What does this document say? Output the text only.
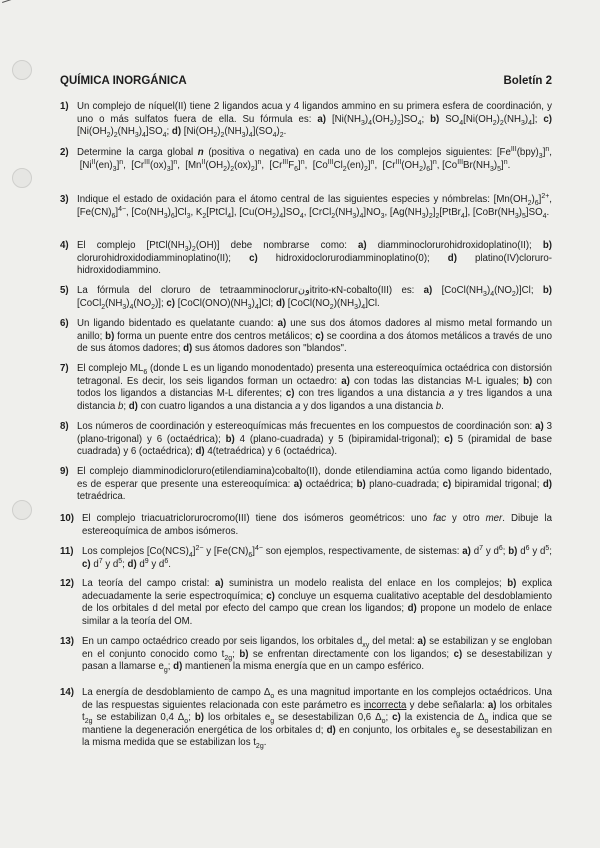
QUÍMICA INORGÁNICA	Boletín 2
1) Un complejo de níquel(II) tiene 2 ligandos acua y 4 ligandos ammino en su primera esfera de coordinación, y uno o más sulfatos fuera de ella. Su fórmula es: a) $[Ni(NH_3)_4(OH_2)_2]SO_4$; b) $SO_4[Ni(OH_2)_2(NH_3)_4]$; c) $[Ni(OH_2)_2(NH_3)_4]SO_4$; d) $[Ni(OH_2)_2(NH_3)_4](SO_4)_2$.
2) Determine la carga global n (positiva o negativa) en cada uno de los complejos siguientes: $[Fe^{III}(bpy)_3]^n$,  $[Ni^{II}(en)_3]^n$,  $[Cr^{III}(ox)_3]^n$,  $[Mn^{II}(OH_2)_2(ox)_2]^n$,  $[Cr^{III}F_6]^n$,  $[Co^{III}Cl_2(en)_2]^n$,  $[Cr^{III}(OH_2)_6]^n$, $[Co^{III}Br(NH_3)_5]^n$.
3) Indique el estado de oxidación para el átomo central de las siguientes especies y nómbrelas: $[Mn(OH_2)_6]^{2+}$, $[Fe(CN)_6]^{4-}$, $[Co(NH_3)_6]Cl_3$, $K_2[PtCl_4]$, $[Cu(OH_2)_4]SO_4$, $[CrCl_2(NH_3)_4]NO_3$, $[Ag(NH_3)_2]_2[PtBr_4]$, $[CoBr(NH_3)_5]SO_4$.
4) El complejo $[PtCl(NH_3)_2(OH)]$ debe nombrarse como: a) diamminoclorurohidroxidoplatino(II); b) clorurohidroxidodiamminoplatino(II); c) hidroxidoclorurodiamminoplatino(0); d) platino(IV)cloruro-hidroxidodiammino.
5) La fórmula del cloruro de tetraamminoclorurونitrito-κN-cobalto(III) es: a) $[CoCl(NH_3)_4(NO_2)]Cl$; b) $[CoCl_2(NH_3)_4(NO_2)]$; c) $[CoCl(ONO)(NH_3)_4]Cl$; d) $[CoCl(NO_2)(NH_3)_4]Cl$.
6) Un ligando bidentado es quelatante cuando: a) une sus dos átomos dadores al mismo metal formando un anillo; b) forma un puente entre dos centros metálicos; c) se coordina a dos átomos metálicos a través de uno de sus átomos dadores; d) sus átomos dadores son "blandos".
7) El complejo $ML_6$ (donde L es un ligando monodentado) presenta una estereoquímica octaédrica con distorsión tetragonal. Es decir, los seis ligandos forman un octaedro: a) con todas las distancias M-L iguales; b) con todos los ligandos a distancias M-L diferentes; c) con tres ligandos a una distancia a y tres ligandos a una distancia b; d) con cuatro ligandos a una distancia a y dos ligandos a una distancia b.
8) Los números de coordinación y estereoquímicas más frecuentes en los compuestos de coordinación son: a) 3 (plano-trigonal) y 6 (octaédrica); b) 4 (plano-cuadrada) y 5 (bipiramidal-trigonal); c) 5 (piramidal de base cuadrada) y 6 (octaédrica); d) 4(tetraédrica) y 6 (octaédrica).
9) El complejo diamminodicloruro(etilendiamina)cobalto(II), donde etilendiamina actúa como ligando bidentado, es de esperar que presente una estereoquímica: a) octaédrica; b) plano-cuadrada; c) bipiramidal trigonal; d) tetraédrica.
10) El complejo triacuatriclorurocromo(III) tiene dos isómeros geométricos: uno fac y otro mer. Dibuje la estereoquímica de ambos isómeros.
11) Los complejos $[Co(NCS)_4]^{2-}$ y $[Fe(CN)_6]^{4-}$ son ejemplos, respectivamente, de sistemas: a) $d^7$ y $d^6$; b) $d^6$ y $d^5$; c) $d^7$ y $d^5$; d) $d^9$ y $d^6$.
12) La teoría del campo cristal: a) suministra un modelo realista del enlace en los complejos; b) explica adecuadamente la serie espectroquímica; c) concluye un esquema cualitativo aceptable del desdoblamiento de los orbitales d del metal por efecto del campo que crean los ligandos; d) propone un modelo de enlace similar a la teoría del OM.
13) En un campo octaédrico creado por seis ligandos, los orbitales $d_{xy}$ del metal: a) se estabilizan y se engloban en el conjunto conocido como $t_{2g}$; b) se enfrentan directamente con los ligandos; c) se desestabilizan y pasan a llamarse $e_g$; d) mantienen la misma energía que en un campo esférico.
14) La energía de desdoblamiento de campo $\Delta_o$ es una magnitud importante en los complejos octaédricos. Una de las respuestas siguientes relacionada con este parámetro es incorrecta y debe señalarla: a) los orbitales $t_{2g}$ se estabilizan 0,4 $\Delta_o$; b) los orbitales $e_g$ se desestabilizan 0,6 $\Delta_o$; c) la existencia de $\Delta_o$ indica que se mantiene la degeneración energética de los orbitales d; d) en conjunto, los orbitales $e_g$ se desestabilizan en la misma medida que se estabilizan los $t_{2g}$.
